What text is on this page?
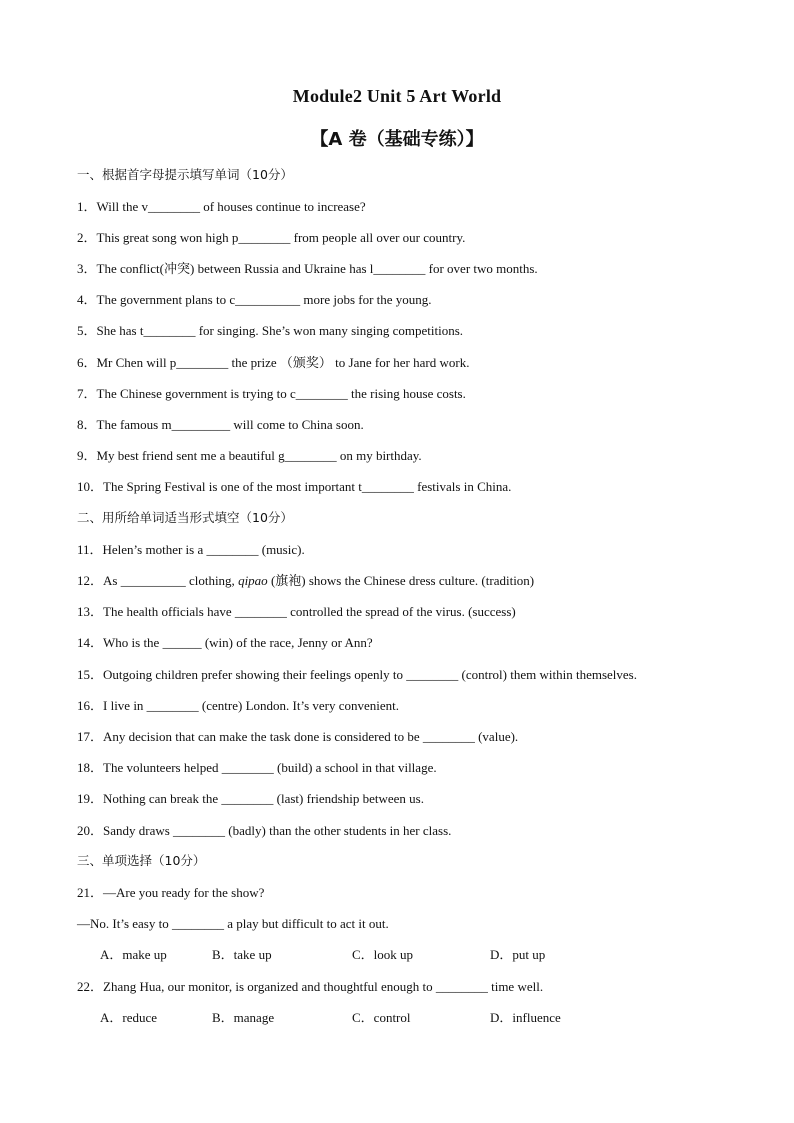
Module2 Unit 5 Art World
【A 卷（基础专练）】
一、根据首字母提示填写单词（10分）
1．Will the v________ of houses continue to increase?
2．This great song won high p________ from people all over our country.
3．The conflict(冲突) between Russia and Ukraine has l________ for over two months.
4．The government plans to c__________ more jobs for the young.
5．She has t________ for singing. She’s won many singing competitions.
6．Mr Chen will p________ the prize （颁奖） to Jane for her hard work.
7．The Chinese government is trying to c________ the rising house costs.
8．The famous m_________ will come to China soon.
9．My best friend sent me a beautiful g________ on my birthday.
10．The Spring Festival is one of the most important t________ festivals in China.
二、用所给单词适当形式填空（10分）
11．Helen’s mother is a ________ (music).
12．As __________ clothing, qipao (旗袍) shows the Chinese dress culture. (tradition)
13．The health officials have ________ controlled the spread of the virus. (success)
14．Who is the ______ (win) of the race, Jenny or Ann?
15．Outgoing children prefer showing their feelings openly to ________ (control) them within themselves.
16．I live in ________ (centre) London. It’s very convenient.
17．Any decision that can make the task done is considered to be ________ (value).
18．The volunteers helped ________ (build) a school in that village.
19．Nothing can break the ________ (last) friendship between us.
20．Sandy draws ________ (badly) than the other students in her class.
三、单项选择（10分）
21．—Are you ready for the show?
—No. It’s easy to ________ a play but difficult to act it out.
A．make up	B．take up	C．look up	D．put up
22．Zhang Hua, our monitor, is organized and thoughtful enough to ________ time well.
A．reduce	B．manage	C．control	D．influence
